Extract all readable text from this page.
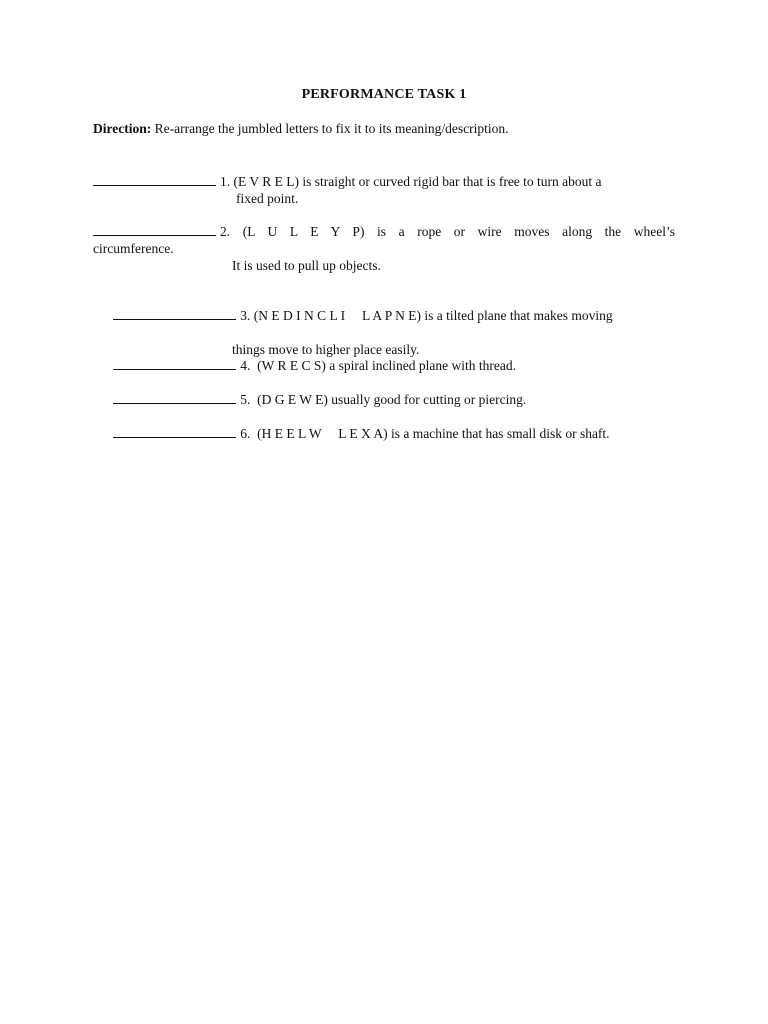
PERFORMANCE TASK 1
Direction: Re-arrange the jumbled letters to fix it to its meaning/description.
1. (E V R E L) is straight or curved rigid bar that is free to turn about a
fixed point.
2.  (L  U  L  E  Y  P)  is  a  rope  or  wire  moves  along  the  wheel’s
circumference.
It is used to pull up objects.

3. (N E D I N C L I     L A P N E) is a tilted plane that makes moving

things move to higher place easily.

4.  (W R E C S) a spiral inclined plane with thread.

5.  (D G E W E) usually good for cutting or piercing.

6.  (H E E L W     L E X A) is a machine that has small disk or shaft.
